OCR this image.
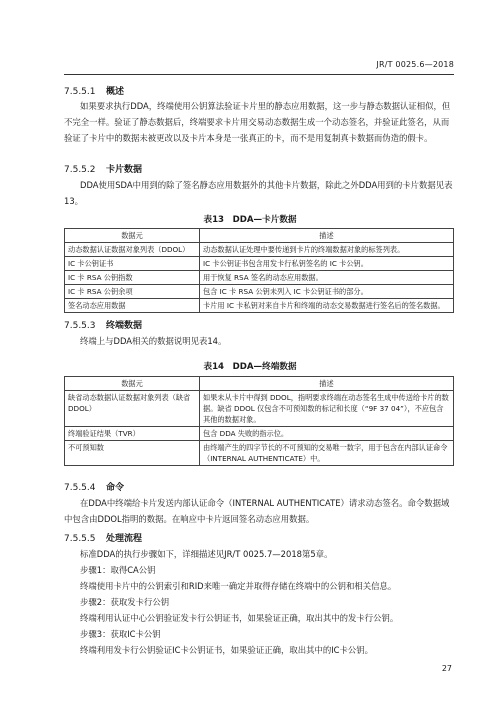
JR/T 0025.6—2018
7.5.5.1 概述
如果要求执行DDA，终端使用公钥算法验证卡片里的静态应用数据，这一步与静态数据认证相似，但不完全一样。验证了静态数据后，终端要求卡片用交易动态数据生成一个动态签名，并验证此签名，从而验证了卡片中的数据未被更改以及卡片本身是一张真正的卡，而不是用复制真卡数据而伪造的假卡。
7.5.5.2 卡片数据
DDA使用SDA中用到的除了签名静态应用数据外的其他卡片数据，除此之外DDA用到的卡片数据见表13。
表13　DDA—卡片数据
数据元	描述
动态数据认证数据对象列表（DDOL）	动态数据认证处理中要传递到卡片的终端数据对象的标签列表。
IC 卡公钥证书	IC 卡公钥证书包含用发卡行私钥签名的 IC 卡公钥。
IC 卡 RSA 公钥指数	用于恢复 RSA 签名的动态应用数据。
IC 卡 RSA 公钥余项	包含 IC 卡 RSA 公钥未列入 IC 卡公钥证书的部分。
签名动态应用数据	卡片用 IC 卡私钥对来自卡片和终端的动态交易数据进行签名后的签名数据。
7.5.5.3 终端数据
终端上与DDA相关的数据说明见表14。
表14　DDA—终端数据
数据元	描述
缺省动态数据认证数据对象列表（缺省 DDOL）	如果未从卡片中得到 DDOL，指明要求终端在动态签名生成中传送给卡片的数据。缺省 DDOL 仅包含不可预知数的标记和长度（“9F 37 04”），不应包含其他的数据对象。
终端验证结果（TVR）	包含 DDA 失败的指示位。
不可预知数	由终端产生的四字节长的不可预知的交易唯一数字，用于包含在内部认证命令（INTERNAL AUTHENTICATE）中。
7.5.5.4 命令
在DDA中终端给卡片发送内部认证命令（INTERNAL AUTHENTICATE）请求动态签名。命令数据域中包含由DDOL指明的数据。在响应中卡片返回签名动态应用数据。
7.5.5.5 处理流程
标准DDA的执行步骤如下，详细描述见JR/T 0025.7—2018第5章。
步骤1：取得CA公钥
终端使用卡片中的公钥索引和RID来唯一确定并取得存储在终端中的公钥和相关信息。
步骤2：获取发卡行公钥
终端利用认证中心公钥验证发卡行公钥证书，如果验证正确，取出其中的发卡行公钥。
步骤3：获取IC卡公钥
终端利用发卡行公钥验证IC卡公钥证书，如果验证正确，取出其中的IC卡公钥。
27
